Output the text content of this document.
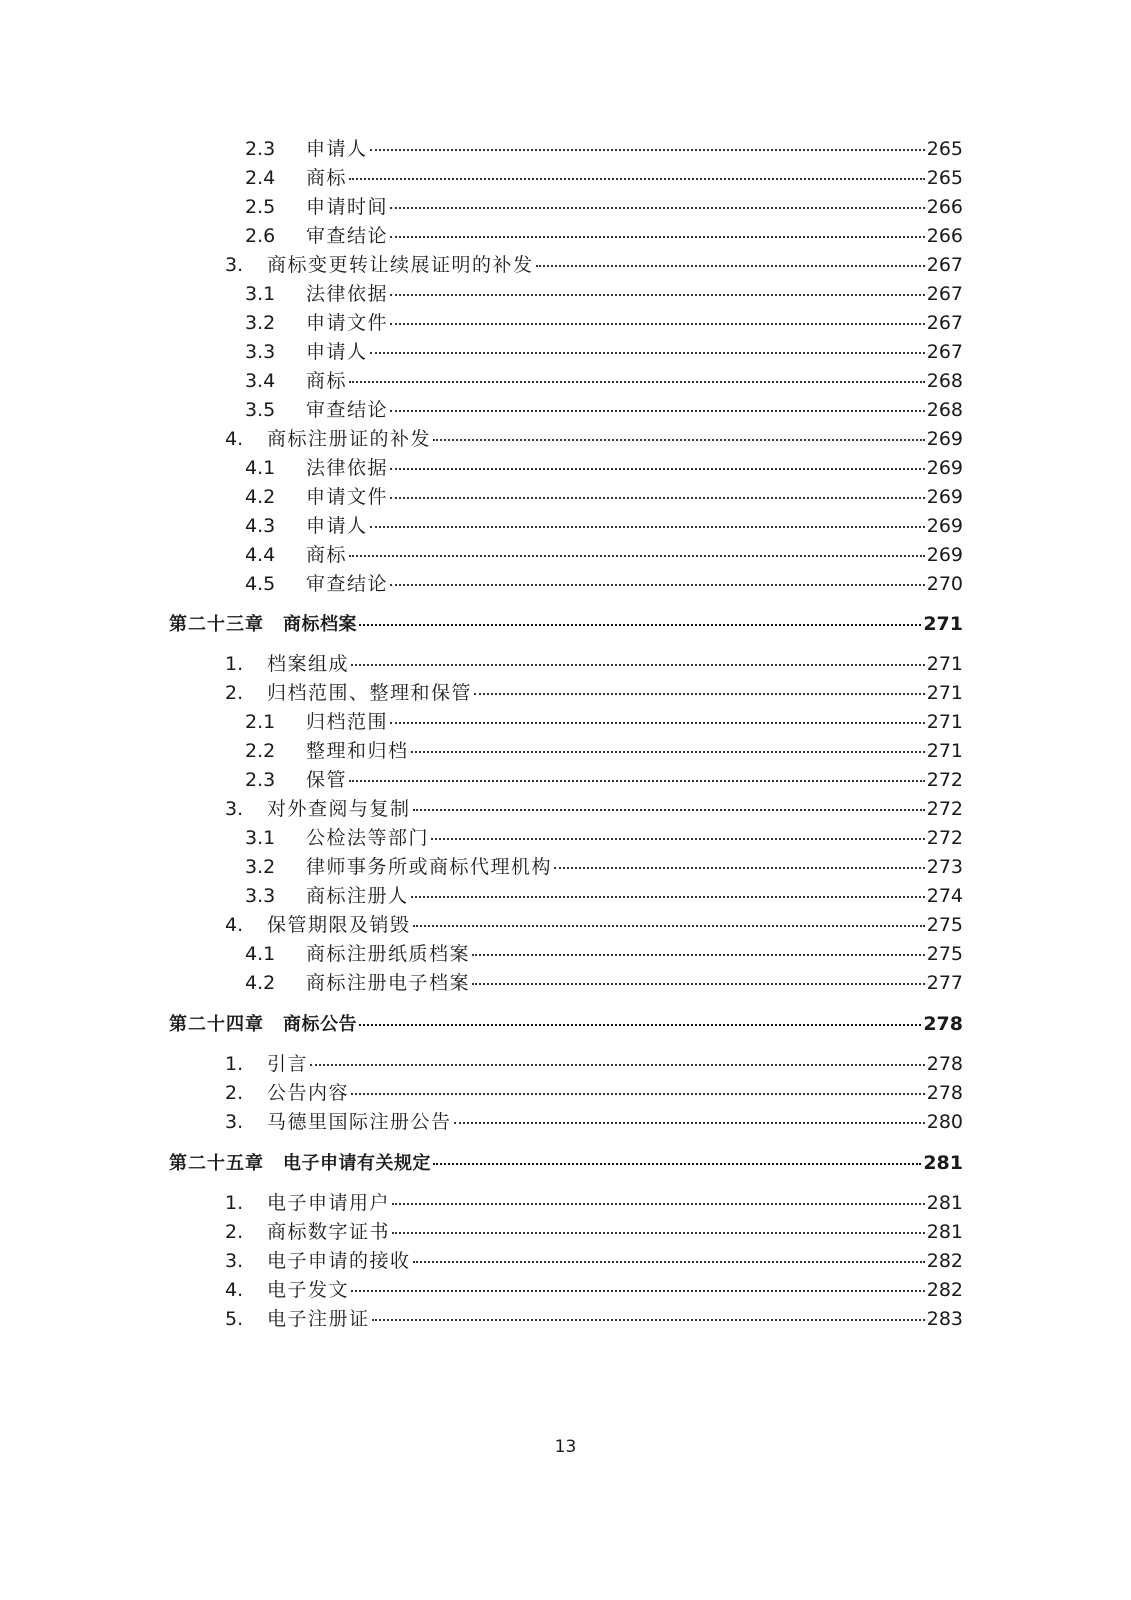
2.3	申请人	265
2.4	商标	265
2.5	申请时间	266
2.6	审查结论	266
3.	商标变更转让续展证明的补发	267
3.1	法律依据	267
3.2	申请文件	267
3.3	申请人	267
3.4	商标	268
3.5	审查结论	268
4.	商标注册证的补发	269
4.1	法律依据	269
4.2	申请文件	269
4.3	申请人	269
4.4	商标	269
4.5	审查结论	270
第二十三章	商标档案	271
1.	档案组成	271
2.	归档范围、整理和保管	271
2.1	归档范围	271
2.2	整理和归档	271
2.3	保管	272
3.	对外查阅与复制	272
3.1	公检法等部门	272
3.2	律师事务所或商标代理机构	273
3.3	商标注册人	274
4.	保管期限及销毁	275
4.1	商标注册纸质档案	275
4.2	商标注册电子档案	277
第二十四章	商标公告	278
1.	引言	278
2.	公告内容	278
3.	马德里国际注册公告	280
第二十五章	电子申请有关规定	281
1.	电子申请用户	281
2.	商标数字证书	281
3.	电子申请的接收	282
4.	电子发文	282
5.	电子注册证	283
13
